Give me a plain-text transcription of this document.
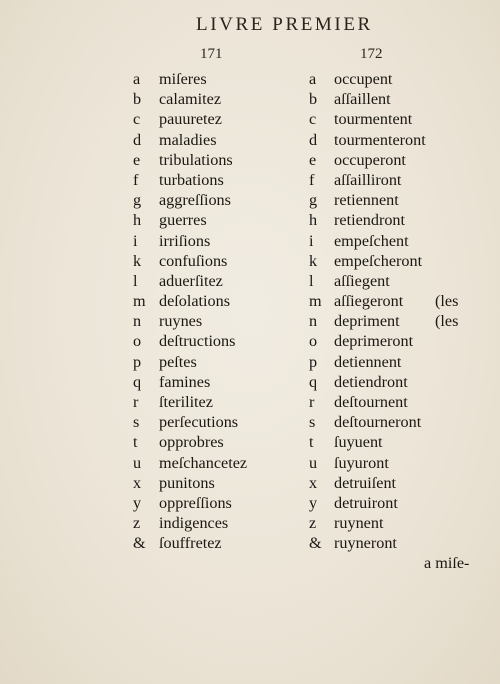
LIVRE PREMIER
171	172
a miſeres
b calamitez
c pauuretez
d maladies
e tribulations
f turbations
g aggreſſions
h guerres
i irriſions
k confuſions
l aduerſitez
m deſolations
n ruynes
o deſtructions
p peſtes
q famines
r ſterilitez
s perſecutions
t opprobres
u meſchancetez
x punitons
y oppreſſions
z indigences
& ſouffretez
a occupent
b aſſaillent
c tourmentent
d tourmenteront
e occuperont
f aſſailliront
g retiennent
h retiendront
i empeſchent
k empeſcheront
l aſſiegent
m aſſiegeront (les
n depriment (les
o deprimeront
p detiennent
q detiendront
r deſtournent
s deſtourneront
t ſuyuent
u ſuyuront
x detruiſent
y detruiront
z ruynent
& ruyneront
a miſe-
